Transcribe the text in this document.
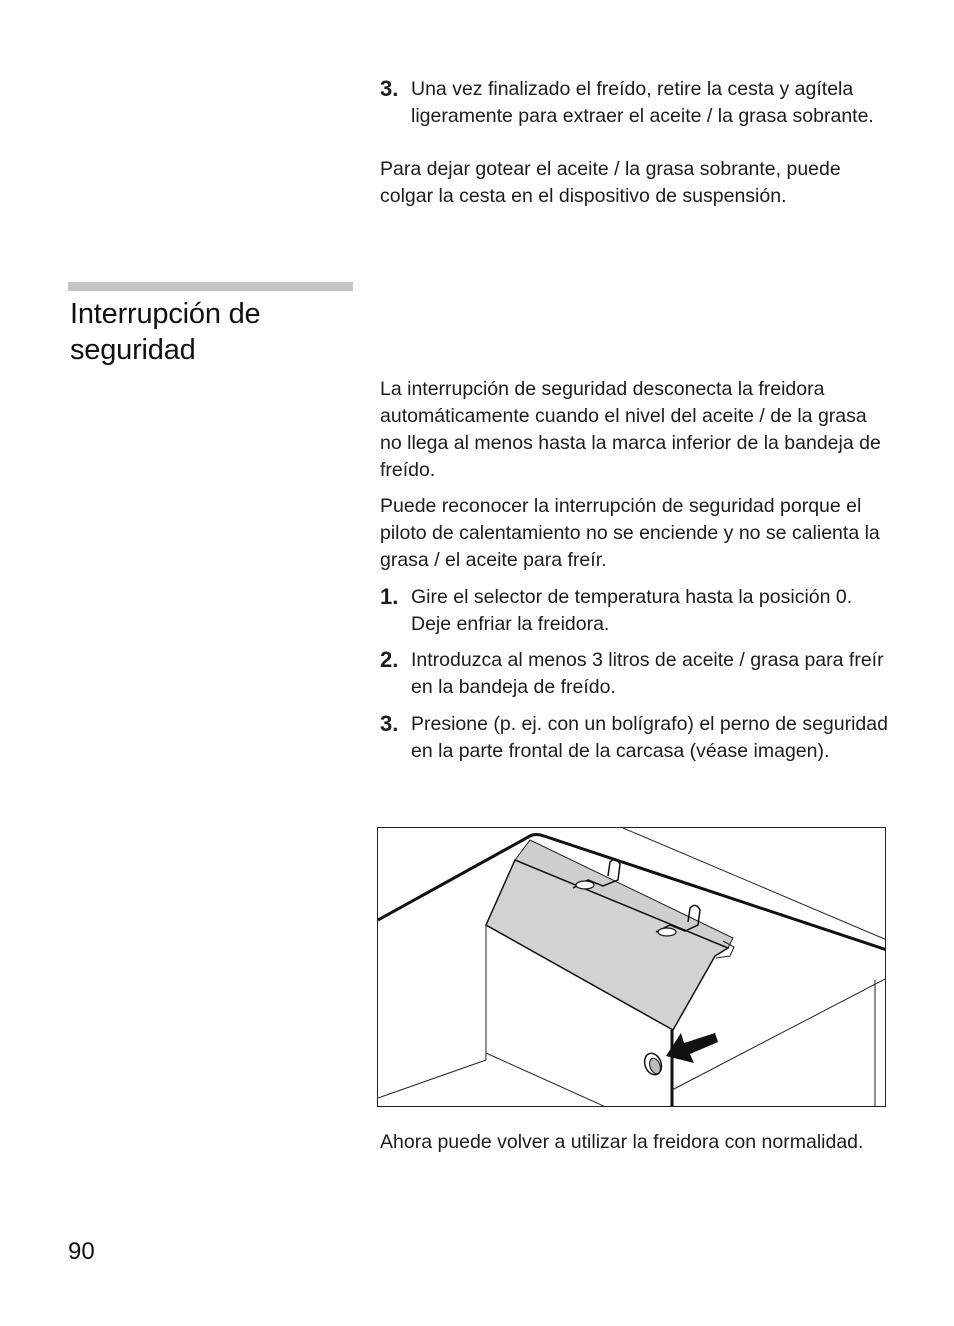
3. Una vez finalizado el freído, retire la cesta y agítela ligeramente para extraer el aceite / la grasa sobrante.
Para dejar gotear el aceite / la grasa sobrante, puede colgar la cesta en el dispositivo de suspensión.
Interrupción de seguridad
La interrupción de seguridad desconecta la freidora automáticamente cuando el nivel del aceite / de la grasa no llega al menos hasta la marca inferior de la bandeja de freído.
Puede reconocer la interrupción de seguridad porque el piloto de calentamiento no se enciende y no se calienta la grasa / el aceite para freír.
1. Gire el selector de temperatura hasta la posición 0. Deje enfriar la freidora.
2. Introduzca al menos 3 litros de aceite / grasa para freír en la bandeja de freído.
3. Presione (p. ej. con un bolígrafo) el perno de seguridad en la parte frontal de la carcasa (véase imagen).
Ahora puede volver a utilizar la freidora con normalidad.
90
